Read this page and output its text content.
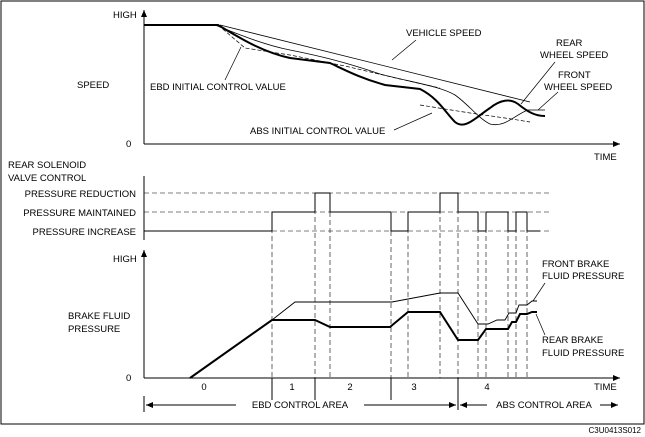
HIGH
0
SPEED
TIME
VEHICLE SPEED
REAR
WHEEL SPEED
FRONT
WHEEL SPEED
EBD INITIAL CONTROL VALUE
ABS INITIAL CONTROL VALUE
REAR SOLENOID
VALVE CONTROL
PRESSURE REDUCTION
PRESSURE MAINTAINED
PRESSURE INCREASE
HIGH
0
BRAKE FLUID
PRESSURE
TIME
FRONT BRAKE
FLUID PRESSURE
REAR BRAKE
FLUID PRESSURE
0	1	2	3	4
EBD CONTROL AREA	ABS CONTROL AREA
C3U0413S012
